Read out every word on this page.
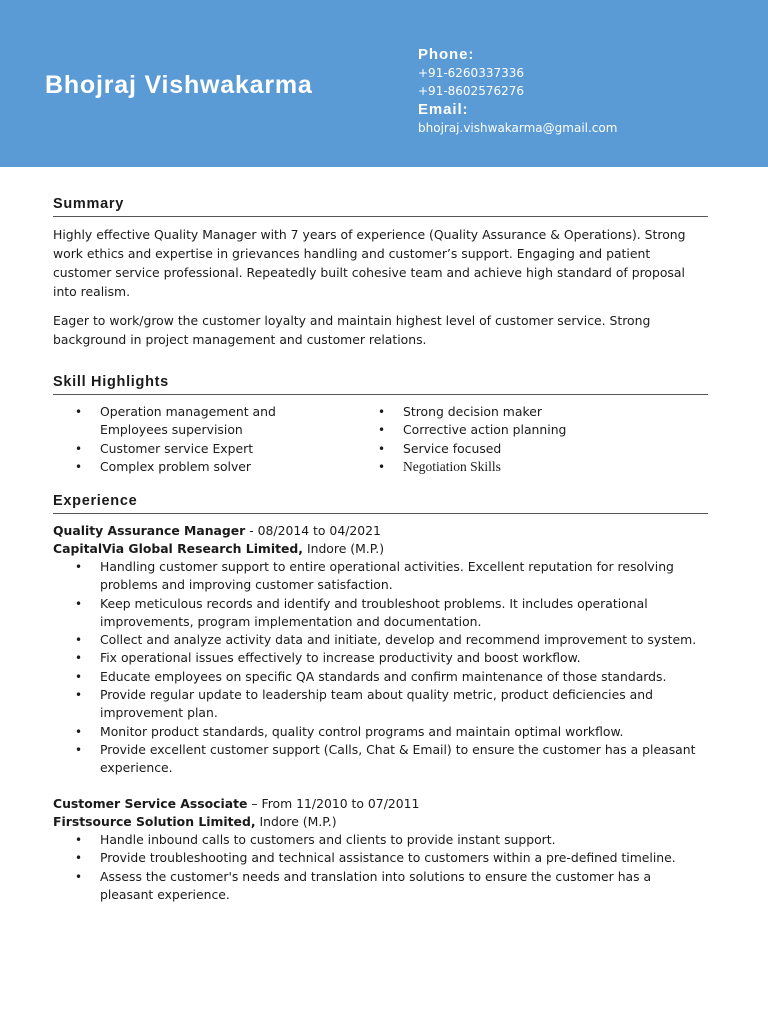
Bhojraj Vishwakarma
Phone:
+91-6260337336
+91-8602576276
Email:
bhojraj.vishwakarma@gmail.com
Summary
Highly effective Quality Manager with 7 years of experience (Quality Assurance & Operations). Strong work ethics and expertise in grievances handling and customer’s support. Engaging and patient customer service professional. Repeatedly built cohesive team and achieve high standard of proposal into realism.
Eager to work/grow the customer loyalty and maintain highest level of customer service. Strong background in project management and customer relations.
Skill Highlights
• Operation management and Employees supervision
• Customer service Expert
• Complex problem solver
• Strong decision maker
• Corrective action planning
• Service focused
• Negotiation Skills
Experience
Quality Assurance Manager - 08/2014 to 04/2021
CapitalVia Global Research Limited, Indore (M.P.)
• Handling customer support to entire operational activities. Excellent reputation for resolving problems and improving customer satisfaction.
• Keep meticulous records and identify and troubleshoot problems. It includes operational improvements, program implementation and documentation.
• Collect and analyze activity data and initiate, develop and recommend improvement to system.
• Fix operational issues effectively to increase productivity and boost workflow.
• Educate employees on specific QA standards and confirm maintenance of those standards.
• Provide regular update to leadership team about quality metric, product deficiencies and improvement plan.
• Monitor product standards, quality control programs and maintain optimal workflow.
• Provide excellent customer support (Calls, Chat & Email) to ensure the customer has a pleasant experience.
Customer Service Associate – From 11/2010 to 07/2011
Firstsource Solution Limited, Indore (M.P.)
• Handle inbound calls to customers and clients to provide instant support.
• Provide troubleshooting and technical assistance to customers within a pre-defined timeline.
• Assess the customer's needs and translation into solutions to ensure the customer has a pleasant experience.
